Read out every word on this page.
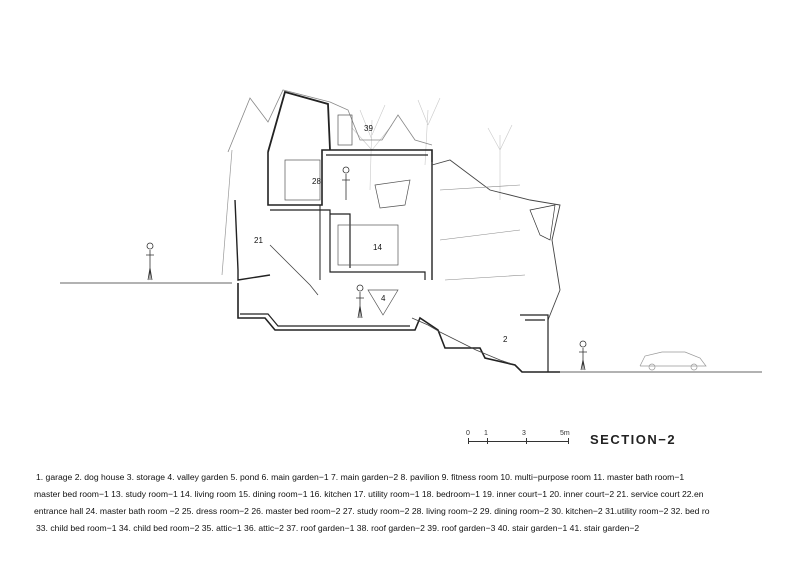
39
28
21
14
4
2
0 1	3	5m SECTION−2
1. garage 2. dog house 3. storage 4. valley garden 5. pond 6. main garden−1 7. main garden−2 8. pavilion 9. fitness room 10. multi−purpose room 11. master bath room−1
master bed room−1 13. study room−1 14. living room 15. dining room−1 16. kitchen 17. utility room−1 18. bedroom−1 19. inner court−1 20. inner court−2 21. service court 22.en
entrance hall 24. master bath room −2 25. dress room−2 26. master bed room−2 27. study room−2 28. living room−2 29. dining room−2 30. kitchen−2 31.utility room−2 32. bed ro
33. child bed room−1 34. child bed room−2 35. attic−1 36. attic−2 37. roof garden−1 38. roof garden−2 39. roof garden−3 40. stair garden−1 41. stair garden−2
